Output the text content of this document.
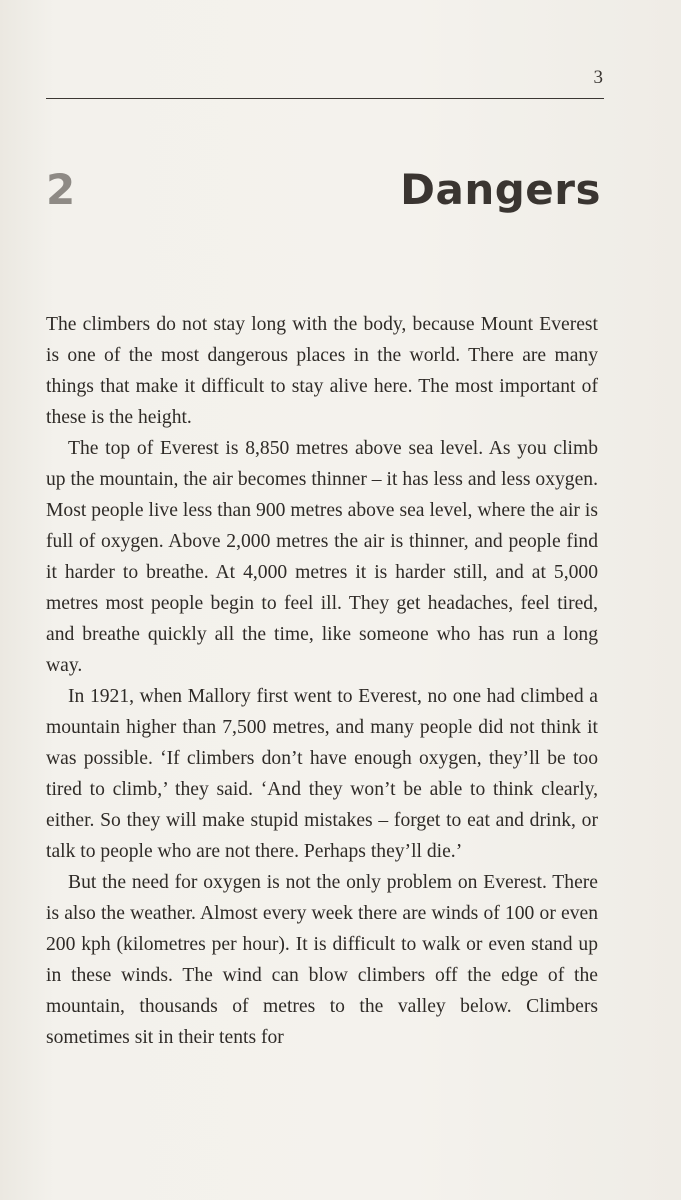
3
2	Dangers

The climbers do not stay long with the body, because Mount Everest is one of the most dangerous places in the world. There are many things that make it difficult to stay alive here. The most important of these is the height.

The top of Everest is 8,850 metres above sea level. As you climb up the mountain, the air becomes thinner – it has less and less oxygen. Most people live less than 900 metres above sea level, where the air is full of oxygen. Above 2,000 metres the air is thinner, and people find it harder to breathe. At 4,000 metres it is harder still, and at 5,000 metres most people begin to feel ill. They get headaches, feel tired, and breathe quickly all the time, like someone who has run a long way.

In 1921, when Mallory first went to Everest, no one had climbed a mountain higher than 7,500 metres, and many people did not think it was possible. ‘If climbers don’t have enough oxygen, they’ll be too tired to climb,’ they said. ‘And they won’t be able to think clearly, either. So they will make stupid mistakes – forget to eat and drink, or talk to people who are not there. Perhaps they’ll die.’

But the need for oxygen is not the only problem on Everest. There is also the weather. Almost every week there are winds of 100 or even 200 kph (kilometres per hour). It is difficult to walk or even stand up in these winds. The wind can blow climbers off the edge of the mountain, thousands of metres to the valley below. Climbers sometimes sit in their tents for
